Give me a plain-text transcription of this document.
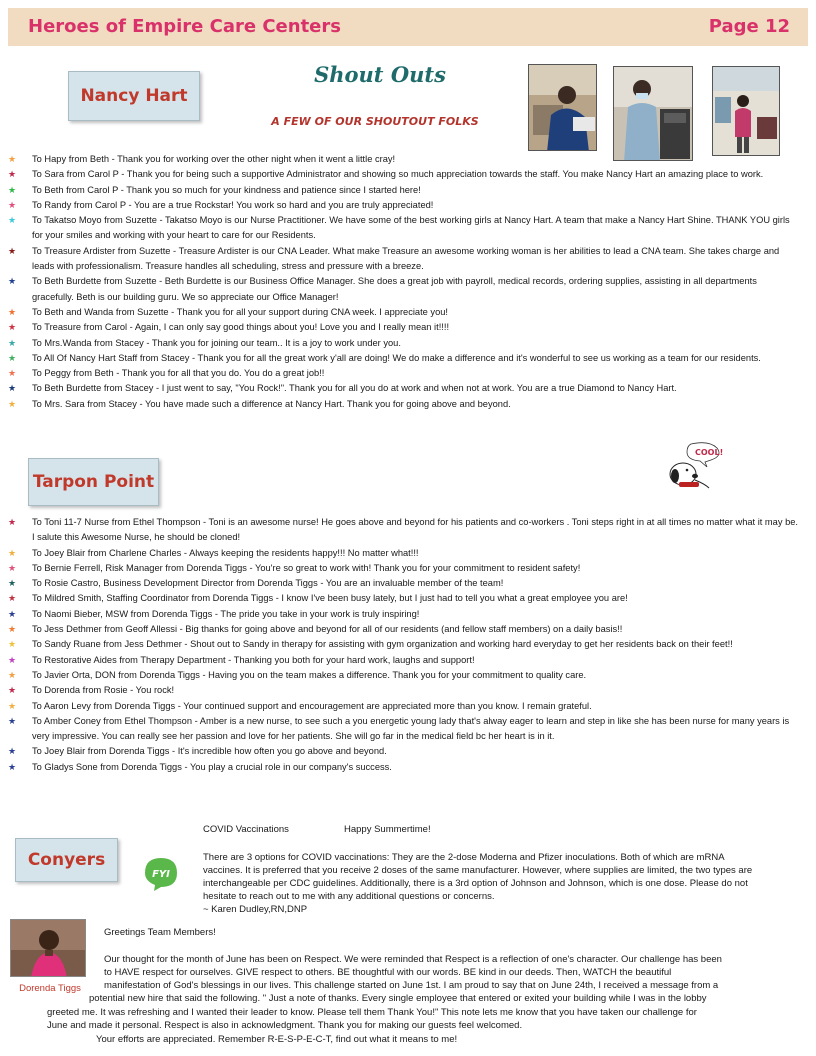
Heroes of Empire Care Centers	Page 12
Nancy Hart
Shout Outs
A FEW OF OUR SHOUTOUT FOLKS
★	To Hapy from Beth - Thank you for working over the other night when it went a little cray!
★	To Sara from Carol P - Thank you for being such a supportive Administrator and showing so much appreciation towards the staff. You make Nancy Hart an amazing place to work.
★	To Beth from Carol P - Thank you so much for your kindness and patience since I started here!
★	To Randy from Carol P - You are a true Rockstar! You work so hard and you are truly appreciated!
★	To Takatso Moyo from Suzette - Takatso Moyo is our Nurse Practitioner. We have some of the best working girls at Nancy Hart. A team that make a Nancy Hart Shine. THANK YOU girls for your smiles and working with your heart to care for our Residents.
★	To Treasure Ardister from Suzette - Treasure Ardister is our CNA Leader. What make Treasure an awesome working woman is her abilities to lead a CNA team. She takes charge and leads with professionalism. Treasure handles all scheduling, stress and pressure with a breeze.
★	To Beth Burdette from Suzette - Beth Burdette is our Business Office Manager. She does a great job with payroll, medical records, ordering supplies, assisting in all departments gracefully. Beth is our building guru. We so appreciate our Office Manager!
★	To Beth and Wanda from Suzette - Thank you for all your support during CNA week. I appreciate you!
★	To Treasure from Carol - Again, I can only say good things about you! Love you and I really mean it!!!!
★	To Mrs.Wanda from Stacey - Thank you for joining our team.. It is a joy to work under you.
★	To All Of Nancy Hart Staff from Stacey - Thank you for all the great work y'all are doing! We do make a difference and it's wonderful to see us working as a team for our residents.
★	To Peggy from Beth - Thank you for all that you do. You do a great job!!
★	To Beth Burdette from Stacey - I just went to say, "You Rock!". Thank you for all you do at work and when not at work. You are a true Diamond to Nancy Hart.
★	To Mrs. Sara from Stacey - You have made such a difference at Nancy Hart. Thank you for going above and beyond.
Tarpon Point
COOL!
★	To Toni 11-7 Nurse from Ethel Thompson - Toni is an awesome nurse! He goes above and beyond for his patients and co-workers . Toni steps right in at all times no matter what it may be. I salute this Awesome Nurse, he should be cloned!
★	To Joey Blair from Charlene Charles - Always keeping the residents happy!!! No matter what!!!
★	To Bernie Ferrell, Risk Manager from Dorenda Tiggs - You're so great to work with! Thank you for your commitment to resident safety!
★	To Rosie Castro, Business Development Director from Dorenda Tiggs - You are an invaluable member of the team!
★	To Mildred Smith, Staffing Coordinator from Dorenda Tiggs - I know I've been busy lately, but I just had to tell you what a great employee you are!
★	To Naomi Bieber, MSW from Dorenda Tiggs - The pride you take in your work is truly inspiring!
★	To Jess Dethmer from Geoff Allessi - Big thanks for going above and beyond for all of our residents (and fellow staff members) on a daily basis!!
★	To Sandy Ruane from Jess Dethmer - Shout out to Sandy in therapy for assisting with gym organization and working hard everyday to get her residents back on their feet!!
★	To Restorative Aides from Therapy Department - Thanking you both for your hard work, laughs and support!
★	To Javier Orta, DON from Dorenda Tiggs - Having you on the team makes a difference. Thank you for your commitment to quality care.
★	To Dorenda from Rosie - You rock!
★	To Aaron Levy from Dorenda Tiggs - Your continued support and encouragement are appreciated more than you know. I remain grateful.
★	To Amber Coney from Ethel Thompson - Amber is a new nurse, to see such a you energetic young lady that's alway eager to learn and step in like she has been nurse for many years is very impressive. You can really see her passion and love for her patients. She will go far in the medical field bc her heart is in it.
★	To Joey Blair from Dorenda Tiggs - It's incredible how often you go above and beyond.
★	To Gladys Sone from Dorenda Tiggs - You play a crucial role in our company's success.
Conyers
FYI
COVID Vaccinations	Happy Summertime!
There are 3 options for COVID vaccinations: They are the 2-dose Moderna and Pfizer inoculations. Both of which are mRNA vaccines. It is preferred that you receive 2 doses of the same manufacturer. However, where supplies are limited, the two types are interchangeable per CDC guidelines. Additionally, there is a 3rd option of Johnson and Johnson, which is one dose. Please do not hesitate to reach out to me with any additional questions or concerns.
~ Karen Dudley,RN,DNP
Dorenda Tiggs
Greetings Team Members!
Our thought for the month of June has been on Respect. We were reminded that Respect is a reflection of one's character. Our challenge has been
to HAVE respect for ourselves. GIVE respect to others. BE thoughtful with our words. BE kind in our deeds. Then, WATCH the beautiful
manifestation of God's blessings in our lives. This challenge started on June 1st. I am proud to say that on June 24th, I received a message from a
potential new hire that said the following. " Just a note of thanks. Every single employee that entered or exited your building while I was in the lobby
greeted me. It was refreshing and I wanted their leader to know. Please tell them Thank You!" This note lets me know that you have taken our challenge for
June and made it personal. Respect is also in acknowledgment. Thank you for making our guests feel welcomed.
Your efforts are appreciated. Remember R-E-S-P-E-C-T, find out what it means to me!
